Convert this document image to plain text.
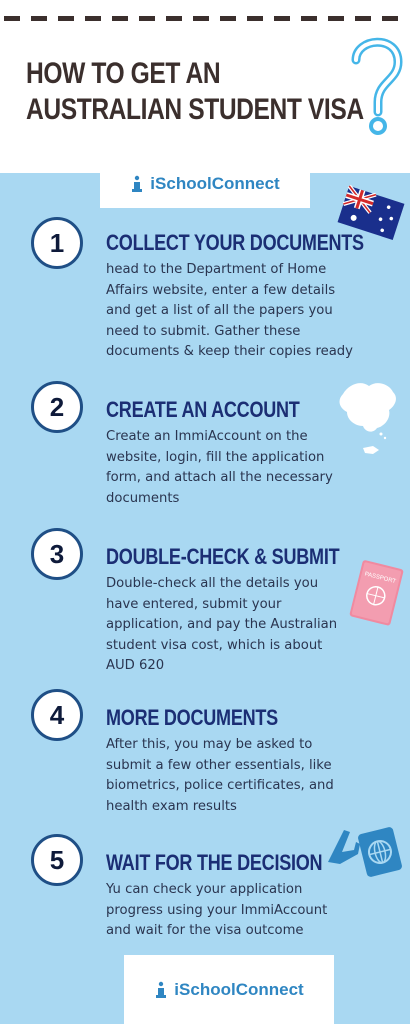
HOW TO GET AN
AUSTRALIAN STUDENT VISA
iSchoolConnect
1	COLLECT YOUR DOCUMENTS
head to the Department of Home
Affairs website, enter a few details
and get a list of all the papers you
need to submit. Gather these
documents & keep their copies ready
2	CREATE AN ACCOUNT
Create an ImmiAccount on the
website, login, fill the application
form, and attach all the necessary
documents
3	DOUBLE-CHECK & SUBMIT
Double-check all the details you
have entered, submit your
application, and pay the Australian
student visa cost, which is about
AUD 620
PASSPORT
4	MORE DOCUMENTS
After this, you may be asked to
submit a few other essentials, like
biometrics, police certificates, and
health exam results
5	WAIT FOR THE DECISION
Yu can check your application
progress using your ImmiAccount
and wait for the visa outcome
iSchoolConnect
